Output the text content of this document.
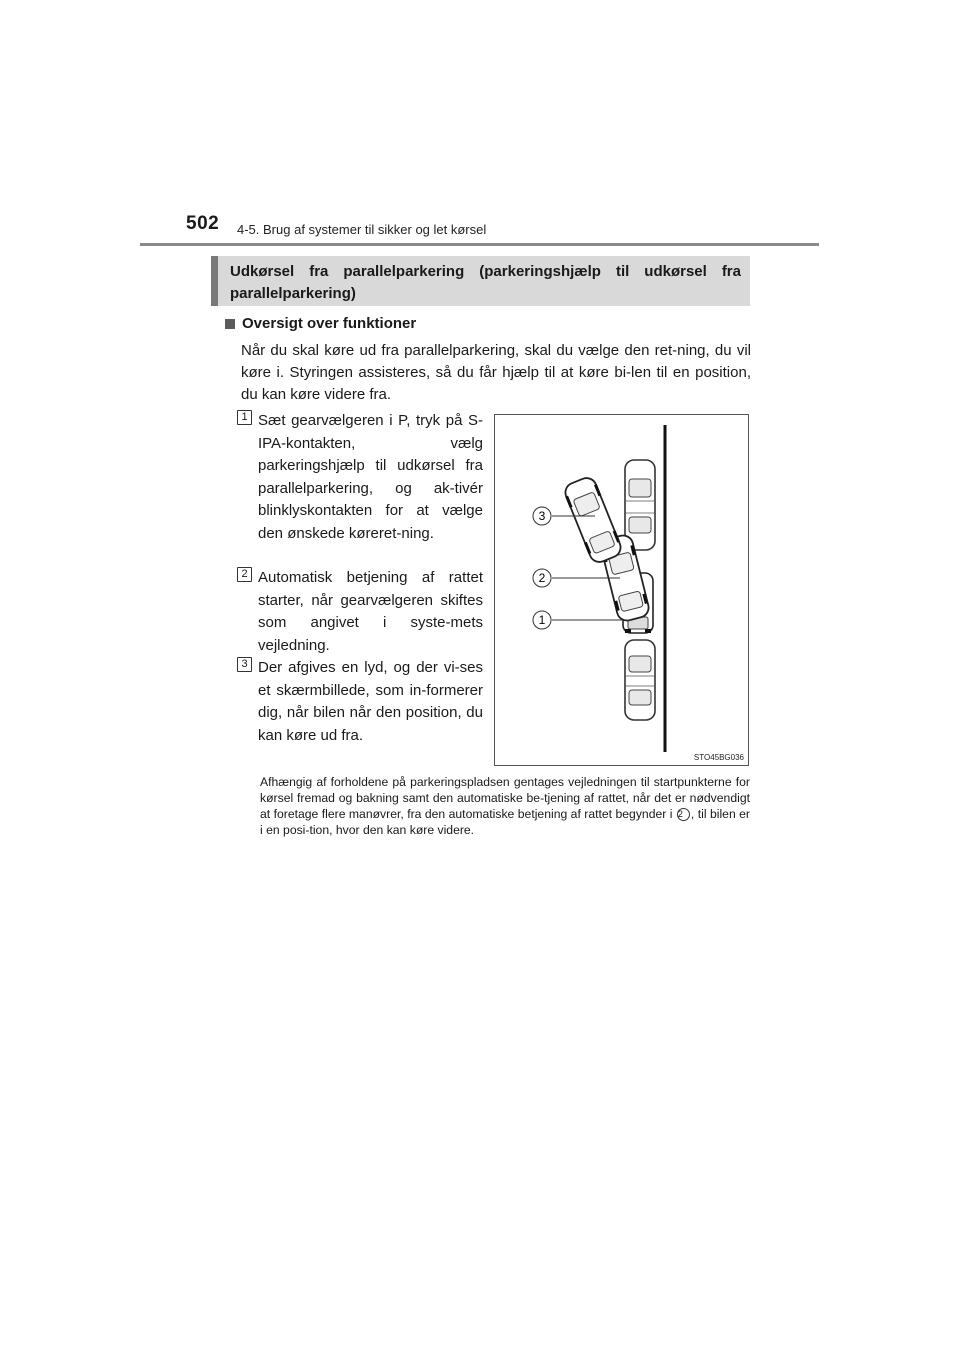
502 4-5. Brug af systemer til sikker og let kørsel
Udkørsel fra parallelparkering (parkeringshjælp til udkørsel fra parallelparkering)
Oversigt over funktioner

Når du skal køre ud fra parallelparkering, skal du vælge den ret-ning, du vil køre i. Styringen assisteres, så du får hjælp til at køre bi-len til en position, du kan køre videre fra.

1 Sæt gearvælgeren i P, tryk på S-IPA-kontakten, vælg parkeringshjælp til udkørsel fra parallelparkering, og ak-tivér blinklyskontakten for at vælge den ønskede køreret-ning.

2 Automatisk betjening af rattet starter, når gearvælgeren skiftes som angivet i syste-mets vejledning.

3 Der afgives en lyd, og der vi-ses et skærmbillede, som in-formerer dig, når bilen når den position, du kan køre ud fra.

3
2
1
STO45BG036

Afhængig af forholdene på parkeringspladsen gentages vejledningen til startpunkterne for kørsel fremad og bakning samt den automatiske be-tjening af rattet, når det er nødvendigt at foretage flere manøvrer, fra den automatiske betjening af rattet begynder i 2 , til bilen er i en posi-tion, hvor den kan køre videre.
